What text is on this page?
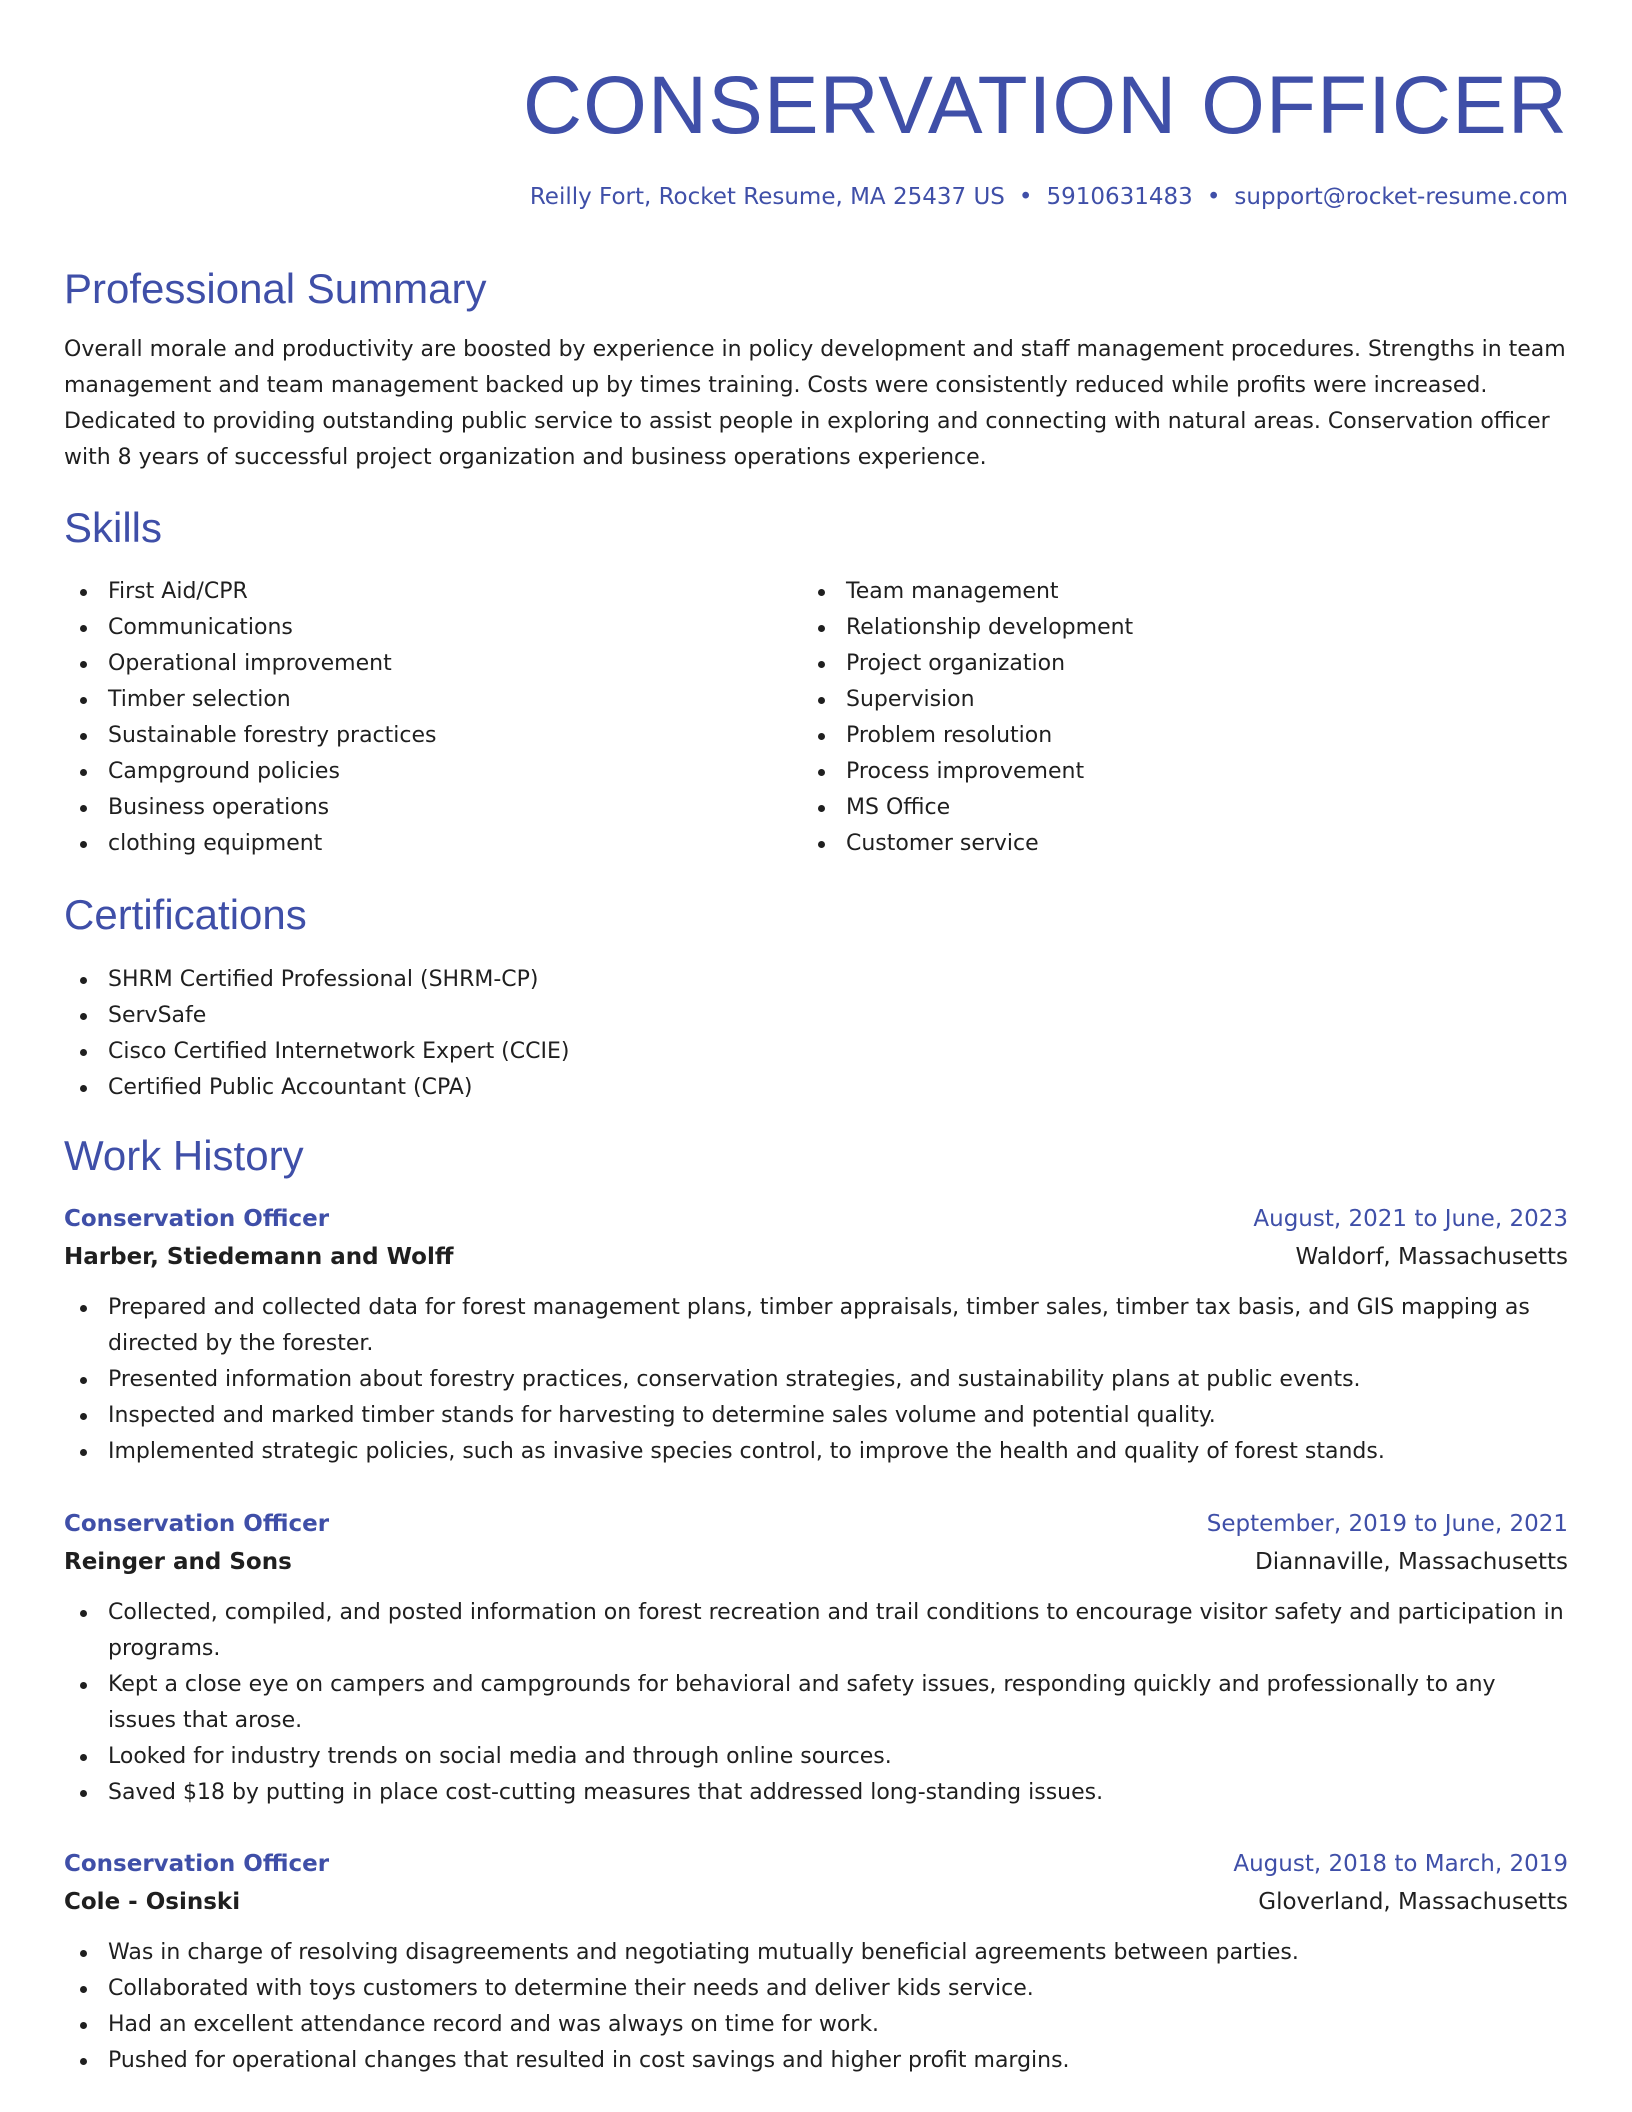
CONSERVATION OFFICER
Reilly Fort, Rocket Resume, MA 25437 US • 5910631483 • support@rocket-resume.com
Professional Summary

Overall morale and productivity are boosted by experience in policy development and staff management procedures. Strengths in team management and team management backed up by times training. Costs were consistently reduced while profits were increased. Dedicated to providing outstanding public service to assist people in exploring and connecting with natural areas. Conservation officer with 8 years of successful project organization and business operations experience.

Skills
First Aid/CPR
Communications
Operational improvement
Timber selection
Sustainable forestry practices
Campground policies
Business operations
clothing equipment
Team management
Relationship development
Project organization
Supervision
Problem resolution
Process improvement
MS Office
Customer service
Certifications
SHRM Certified Professional (SHRM-CP)
ServSafe
Cisco Certified Internetwork Expert (CCIE)
Certified Public Accountant (CPA)
Work History
Conservation Officer	August, 2021 to June, 2023
Harber, Stiedemann and Wolff	Waldorf, Massachusetts
Prepared and collected data for forest management plans, timber appraisals, timber sales, timber tax basis, and GIS mapping as directed by the forester.
Presented information about forestry practices, conservation strategies, and sustainability plans at public events.
Inspected and marked timber stands for harvesting to determine sales volume and potential quality.
Implemented strategic policies, such as invasive species control, to improve the health and quality of forest stands.
Conservation Officer	September, 2019 to June, 2021
Reinger and Sons	Diannaville, Massachusetts
Collected, compiled, and posted information on forest recreation and trail conditions to encourage visitor safety and participation in programs.
Kept a close eye on campers and campgrounds for behavioral and safety issues, responding quickly and professionally to any issues that arose.
Looked for industry trends on social media and through online sources.
Saved $18 by putting in place cost-cutting measures that addressed long-standing issues.
Conservation Officer	August, 2018 to March, 2019
Cole - Osinski	Gloverland, Massachusetts
Was in charge of resolving disagreements and negotiating mutually beneficial agreements between parties.
Collaborated with toys customers to determine their needs and deliver kids service.
Had an excellent attendance record and was always on time for work.
Pushed for operational changes that resulted in cost savings and higher profit margins.
